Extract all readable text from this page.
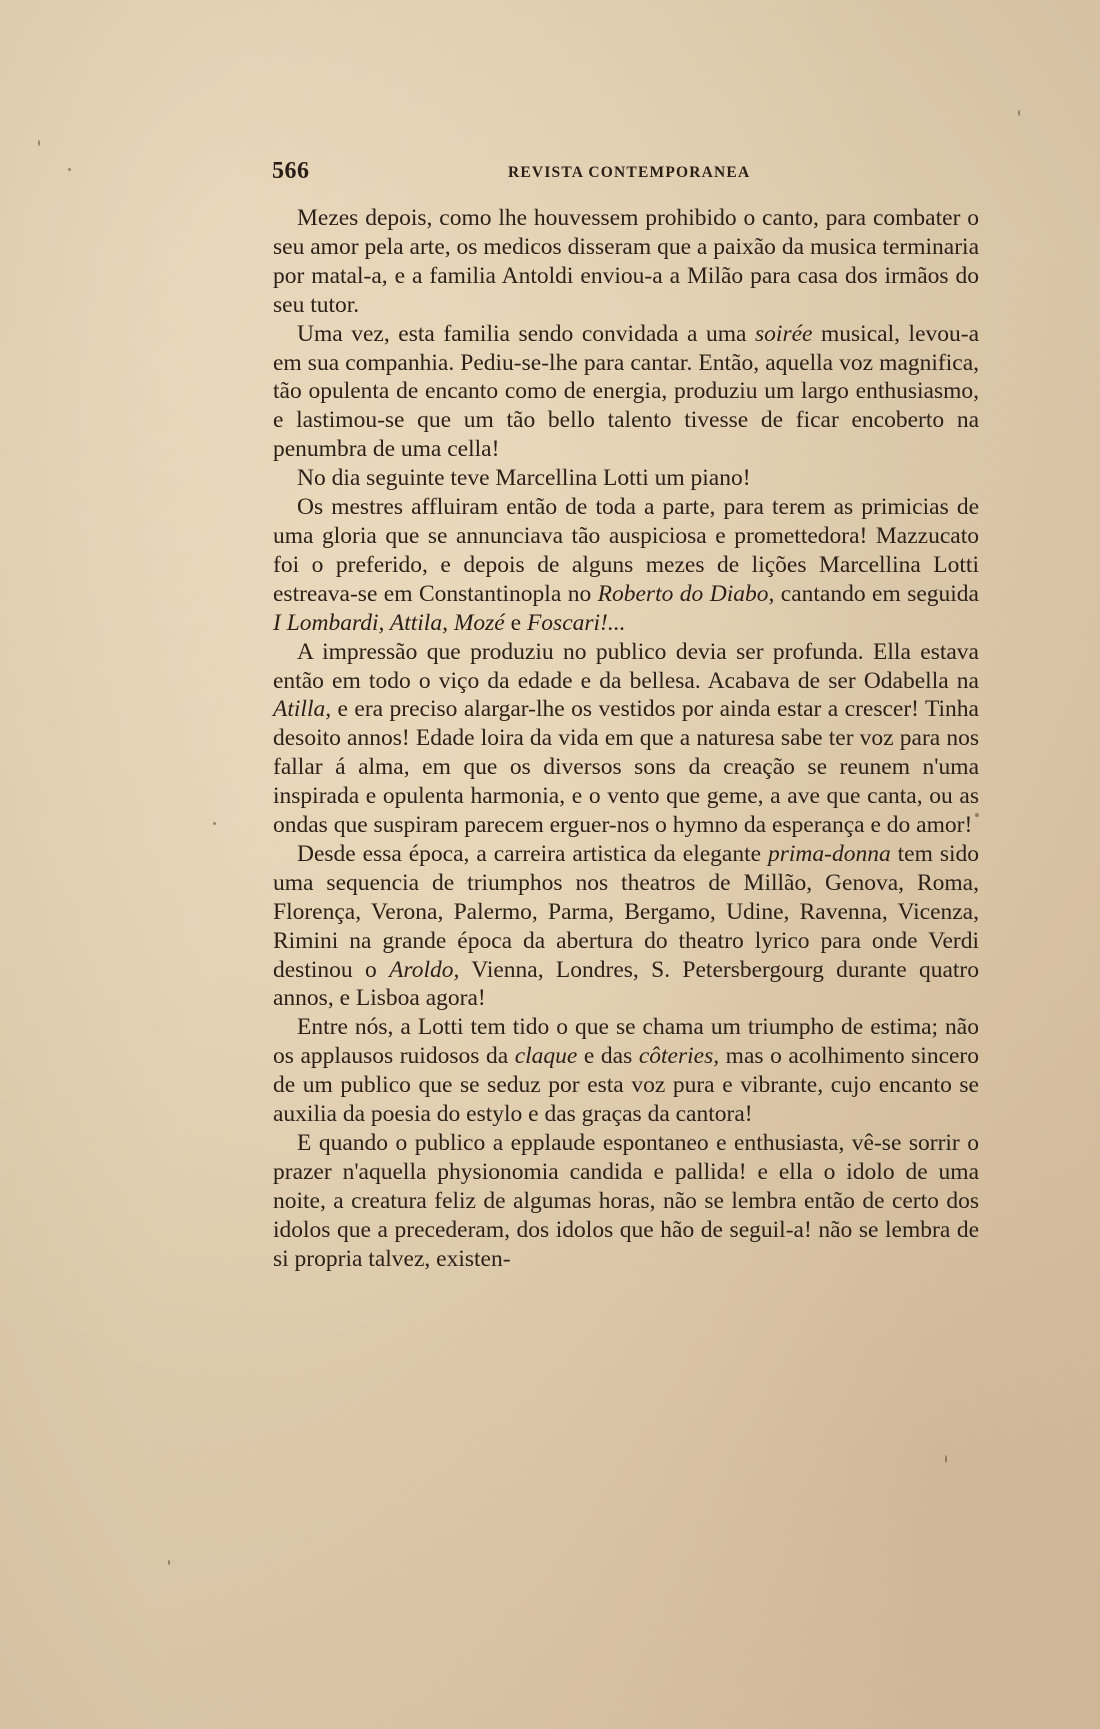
566	REVISTA CONTEMPORANEA

Mezes depois, como lhe houvessem prohibido o canto, para combater o seu amor pela arte, os medicos disseram que a paixão da musica terminaria por matal-a, e a familia Antoldi enviou-a a Milão para casa dos irmãos do seu tutor.

Uma vez, esta familia sendo convidada a uma soirée musical, levou-a em sua companhia. Pediu-se-lhe para cantar. Então, aquella voz magnifica, tão opulenta de encanto como de energia, produziu um largo enthusiasmo, e lastimou-se que um tão bello talento tivesse de ficar encoberto na penumbra de uma cella!

No dia seguinte teve Marcellina Lotti um piano!

Os mestres affluiram então de toda a parte, para terem as primicias de uma gloria que se annunciava tão auspiciosa e promettedora! Mazzucato foi o preferido, e depois de alguns mezes de lições Marcellina Lotti estreava-se em Constantinopla no Roberto do Diabo, cantando em seguida I Lombardi, Attila, Mozé e Foscari!...

A impressão que produziu no publico devia ser profunda. Ella estava então em todo o viço da edade e da bellesa. Acabava de ser Odabella na Atilla, e era preciso alargar-lhe os vestidos por ainda estar a crescer! Tinha desoito annos! Edade loira da vida em que a naturesa sabe ter voz para nos fallar á alma, em que os diversos sons da creação se reunem n'uma inspirada e opulenta harmonia, e o vento que geme, a ave que canta, ou as ondas que suspiram parecem erguer-nos o hymno da esperança e do amor!

Desde essa época, a carreira artistica da elegante prima-donna tem sido uma sequencia de triumphos nos theatros de Millão, Genova, Roma, Florença, Verona, Palermo, Parma, Bergamo, Udine, Ravenna, Vicenza, Rimini na grande época da abertura do theatro lyrico para onde Verdi destinou o Aroldo, Vienna, Londres, S. Petersbergourg durante quatro annos, e Lisboa agora!

Entre nós, a Lotti tem tido o que se chama um triumpho de estima; não os applausos ruidosos da claque e das côteries, mas o acolhimento sincero de um publico que se seduz por esta voz pura e vibrante, cujo encanto se auxilia da poesia do estylo e das graças da cantora!

E quando o publico a epplaude espontaneo e enthusiasta, vê-se sorrir o prazer n'aquella physionomia candida e pallida! e ella o idolo de uma noite, a creatura feliz de algumas horas, não se lembra então de certo dos idolos que a precederam, dos idolos que hão de seguil-a! não se lembra de si propria talvez, existen-
